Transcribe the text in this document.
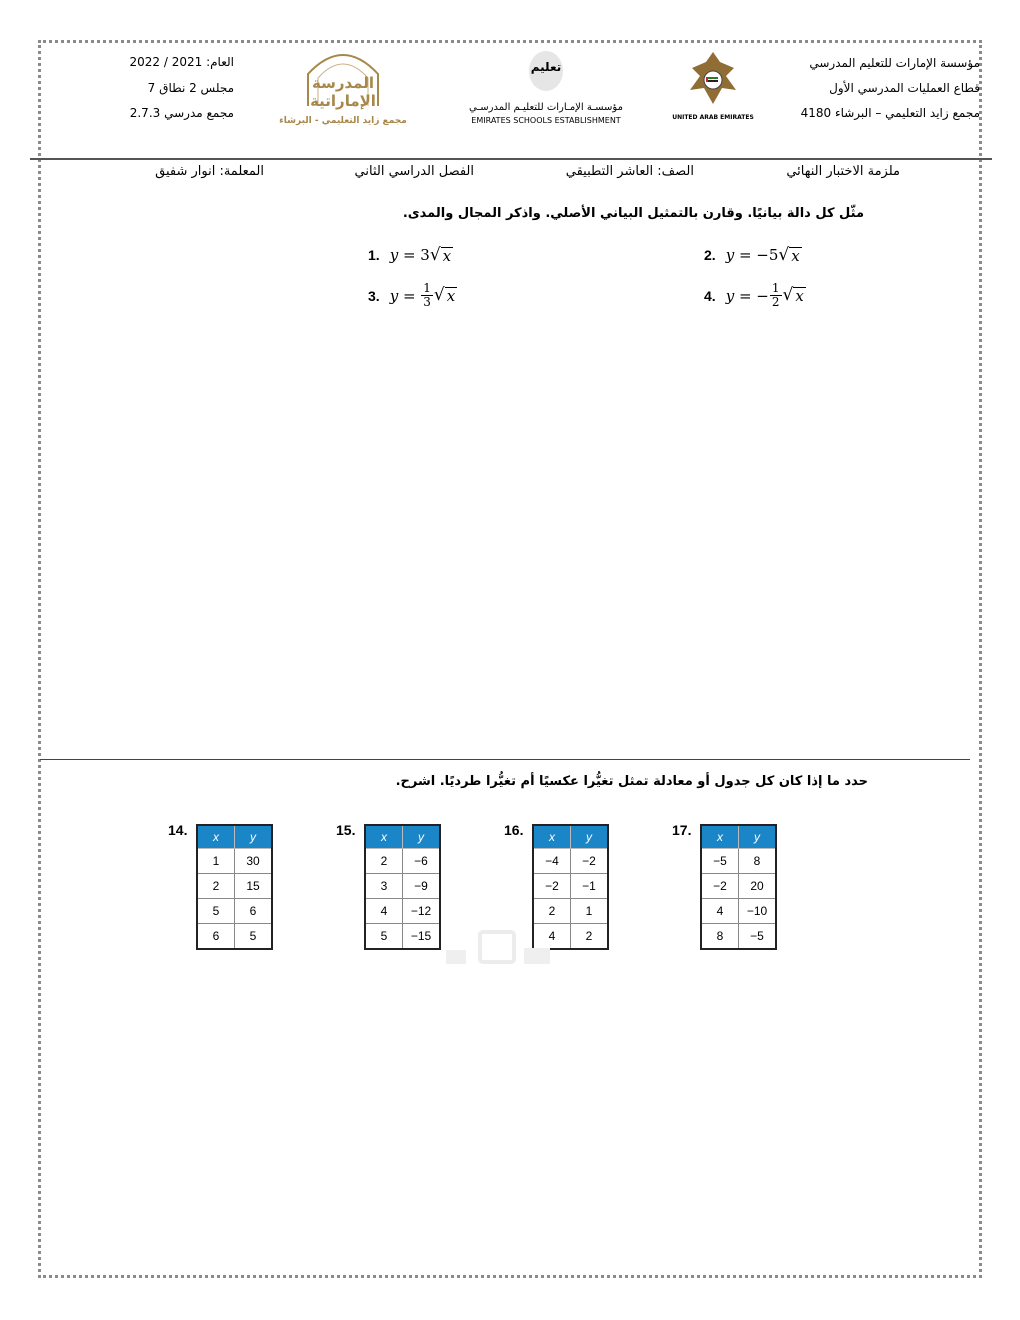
مؤسسة الإمارات للتعليم المدرسي
قطاع العمليات المدرسي الأول
مجمع زايد التعليمي – البرشاء 4180
العام: 2021 / 2022
مجلس 2 نطاق 7
مجمع مدرسي 2.7.3
المدرسة الإماراتية
مجمع زايد التعليمي - البرشاء
تعليم
مؤسسـة الإمـارات للتعليـم المدرسـي
EMIRATES SCHOOLS ESTABLISHMENT	UNITED ARAB EMIRATES
ملزمة الاختبار النهائي
الصف: العاشر التطبيقي
الفصل الدراسي الثاني
المعلمة: انوار شفيق
مثّل كل دالة بيانيًا. وقارن بالتمثيل البياني الأصلي. واذكر المجال والمدى.
1. y = 3 √ x	2. y = −5 √ x
3. $y = \frac{1}{3}$ √ x	4. y = − $\frac{1}{2}$ √ x
حدد ما إذا كان كل جدول أو معادلة تمثل تغيُّرا عكسيًا أم تغيُّرا طرديًا. اشرح.
14. x	y
1	30
2	15
5	6
6	5
15. x	y
2	−6
3	−9
4	−12
5	−15
16. x	y
−4	−2
−2	−1
2	1
4	2
17. x	y
−5	8
−2	20
4	−10
8	−5
